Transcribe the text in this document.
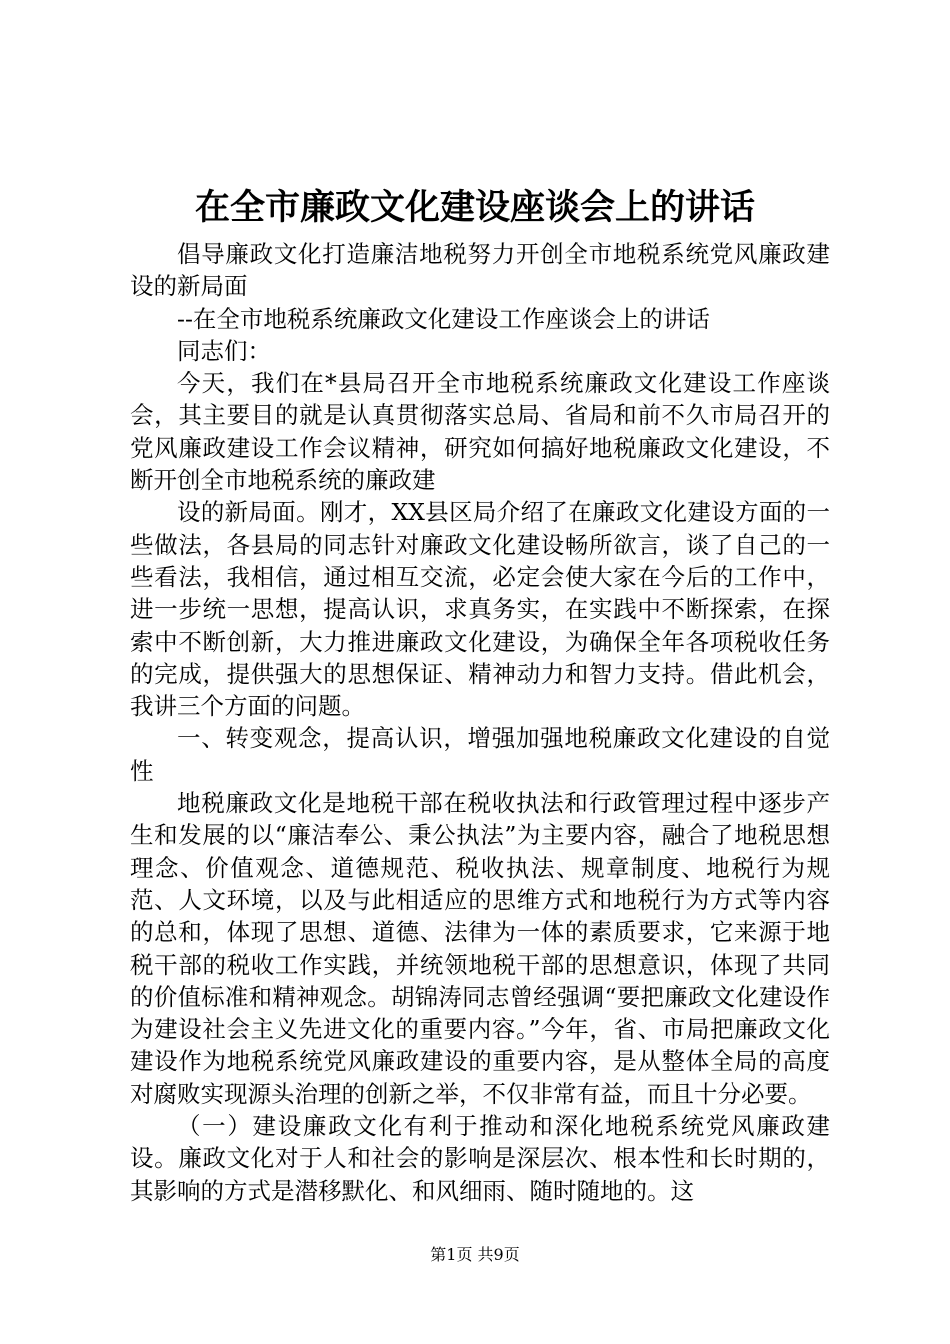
在全市廉政文化建设座谈会上的讲话

倡导廉政文化打造廉洁地税努力开创全市地税系统党风廉政建设的新局面

--在全市地税系统廉政文化建设工作座谈会上的讲话

同志们：

今天，我们在*县局召开全市地税系统廉政文化建设工作座谈会，其主要目的就是认真贯彻落实总局、省局和前不久市局召开的党风廉政建设工作会议精神，研究如何搞好地税廉政文化建设，不断开创全市地税系统的廉政建

设的新局面。刚才，XX县区局介绍了在廉政文化建设方面的一些做法，各县局的同志针对廉政文化建设畅所欲言，谈了自己的一些看法，我相信，通过相互交流，必定会使大家在今后的工作中，进一步统一思想，提高认识，求真务实，在实践中不断探索，在探索中不断创新，大力推进廉政文化建设，为确保全年各项税收任务的完成，提供强大的思想保证、精神动力和智力支持。借此机会，我讲三个方面的问题。

一、转变观念，提高认识，增强加强地税廉政文化建设的自觉性

地税廉政文化是地税干部在税收执法和行政管理过程中逐步产生和发展的以“廉洁奉公、秉公执法”为主要内容，融合了地税思想理念、价值观念、道德规范、税收执法、规章制度、地税行为规范、人文环境，以及与此相适应的思维方式和地税行为方式等内容的总和，体现了思想、道德、法律为一体的素质要求，它来源于地税干部的税收工作实践，并统领地税干部的思想意识，体现了共同的价值标准和精神观念。胡锦涛同志曾经强调“要把廉政文化建设作为建设社会主义先进文化的重要内容。”今年，省、市局把廉政文化建设作为地税系统党风廉政建设的重要内容，是从整体全局的高度对腐败实现源头治理的创新之举，不仅非常有益，而且十分必要。

（一）建设廉政文化有利于推动和深化地税系统党风廉政建设。廉政文化对于人和社会的影响是深层次、根本性和长时期的，其影响的方式是潜移默化、和风细雨、随时随地的。这

第1页 共9页
